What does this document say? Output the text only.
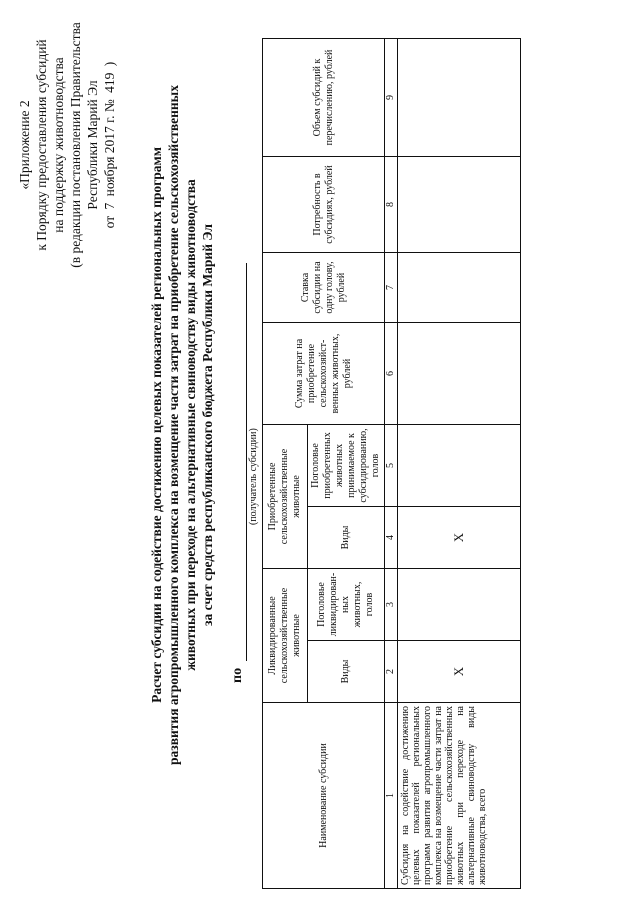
«Приложение 2 к Порядку предоставления субсидий на поддержку животноводства (в редакции постановления Правительства Республики Марий Эл
от 7 ноября 2017 г. № 419 )
Расчет субсидии на содействие достижению целевых показателей региональных программ развития агропромышленного комплекса на возмещение части затрат на приобретение сельскохозяйственных животных при переходе на альтернативные свиноводству виды животноводства за счет средств республиканского бюджета Республики Марий Эл
по
(получатель субсидии)
Наименование субсидии	Ликвидированные сельскохозяйственные животные		Приобретенные сельскохозяйственные животные		Сумма затрат на приобретение сельскохозяйст-венных животных, рублей	Ставка субсидии на одну голову, рублей	Потребность в субсидиях, рублей	Объем субсидий к перечислению, рублей
	Виды	Поголовье ликвидирован-ных животных, голов	Виды	Поголовье приобретенных животных принимаемое к субсидированию, голов				
1	2	3	4	5	6	7	8	9
Субсидия на содействие достижению целевых показателей региональных программ развития агропромышленного комплекса на возмещение части затрат на приобретение сельскохозяйственных животных при переходе на альтернативные свиноводству виды животноводства, всего	X		X					
